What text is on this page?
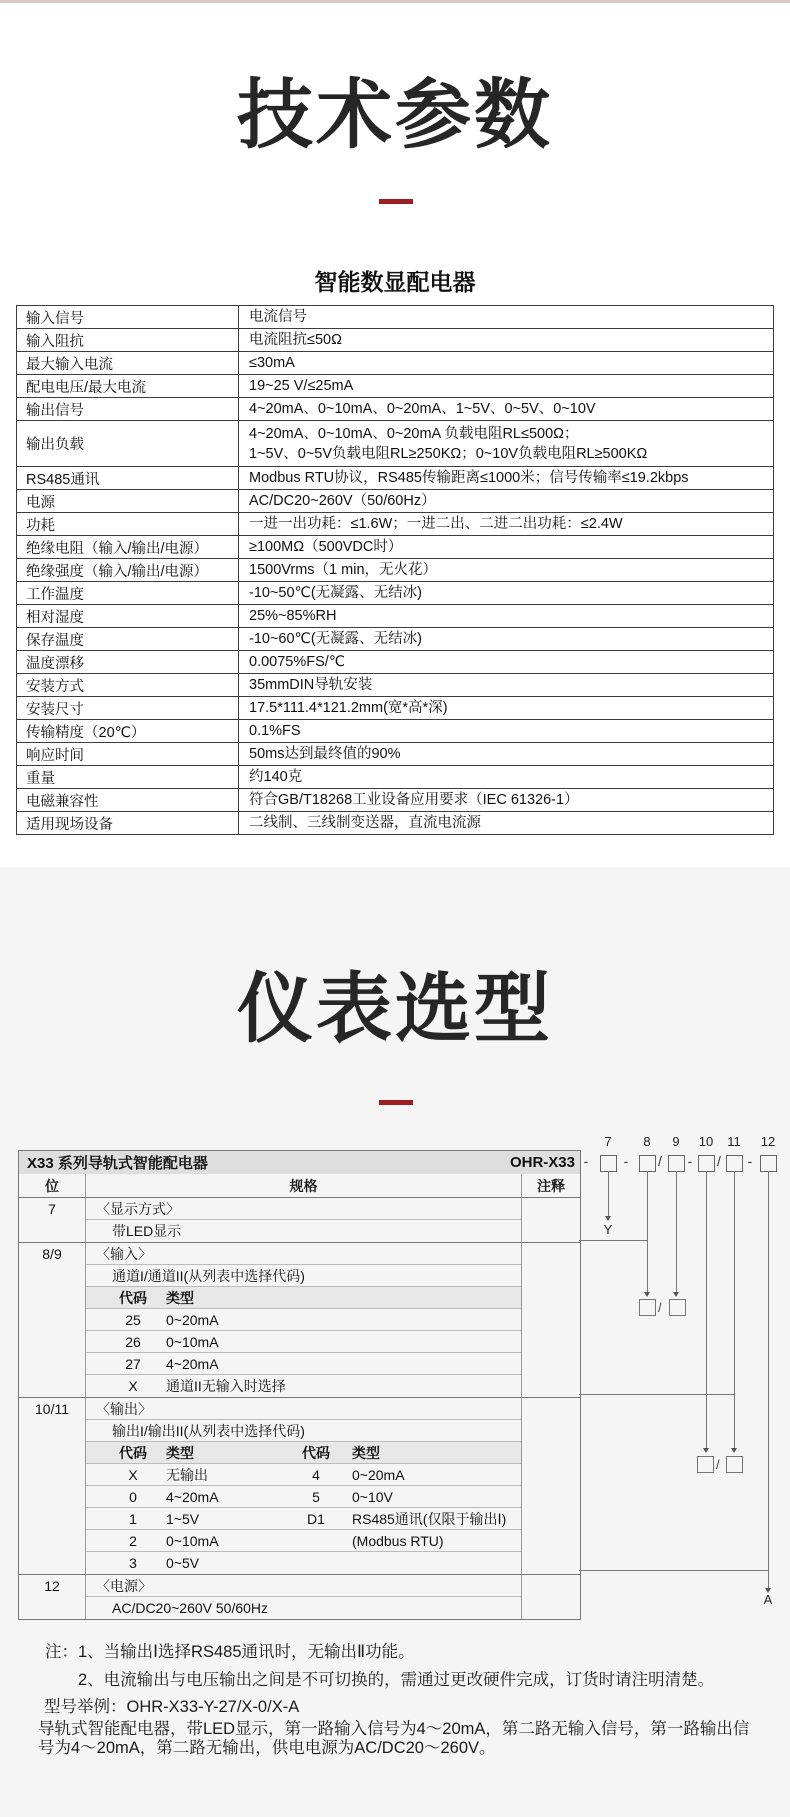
技术参数
智能数显配电器
输入信号	电流信号
输入阻抗	电流阻抗≤50Ω
最大输入电流	≤30mA
配电电压/最大电流	19~25 V/≤25mA
输出信号	4~20mA、0~10mA、0~20mA、1~5V、0~5V、0~10V
输出负载
4~20mA、0~10mA、0~20mA 负载电阻RL≤500Ω；
1~5V、0~5V负载电阻RL≥250KΩ；0~10V负载电阻RL≥500KΩ
RS485通讯	Modbus RTU协议，RS485传输距离≤1000米；信号传输率≤19.2kbps
电源	AC/DC20~260V（50/60Hz）
功耗	一进一出功耗：≤1.6W；一进二出、二进二出功耗：≤2.4W
绝缘电阻（输入/输出/电源）	≥100MΩ（500VDC时）
绝缘强度（输入/输出/电源）	1500Vrms（1 min，无火花）
工作温度	-10~50℃(无凝露、无结冰)
相对湿度	25%~85%RH
保存温度	-10~60℃(无凝露、无结冰)
温度漂移	0.0075%FS/℃
安装方式	35mmDIN导轨安装
安装尺寸	17.5*111.4*121.2mm(宽*高*深)
传输精度（20℃）	0.1%FS
响应时间	50ms达到最终值的90%
重量	约140克
电磁兼容性	符合GB/T18268工业设备应用要求（IEC 61326-1）
适用现场设备	二线制、三线制变送器，直流电流源
仪表选型
X33 系列导轨式智能配电器	OHR-X33
位	规格	注释
7	〈显示方式〉
带LED显示
8/9	〈输入〉
通道I/通道II(从列表中选择代码)
代码	类型
25	0~20mA
26	0~10mA
27	4~20mA
X	通道II无输入时选择
10/11	〈输出〉
输出I/输出II(从列表中选择代码)
代码	类型	代码	类型
X	无输出	4	0~20mA
0	4~20mA	5	0~10V
1	1~5V	D1	RS485通讯(仅限于输出Ⅰ)
2	0~10mA	(Modbus RTU)
3	0~5V
12	〈电源〉
AC/DC20~260V 50/60Hz
7	8	9	10 11 12
-	- / - / -
Y
/
/
A
注：1、当输出Ⅰ选择RS485通讯时，无输出Ⅱ功能。
2、电流输出与电压输出之间是不可切换的，需通过更改硬件完成，订货时请注明清楚。
型号举例：OHR-X33-Y-27/X-0/X-A
导轨式智能配电器，带LED显示，第一路输入信号为4～20mA，第二路无输入信号，第一路输出信号为4～20mA，第二路无输出，供电电源为AC/DC20～260V。
